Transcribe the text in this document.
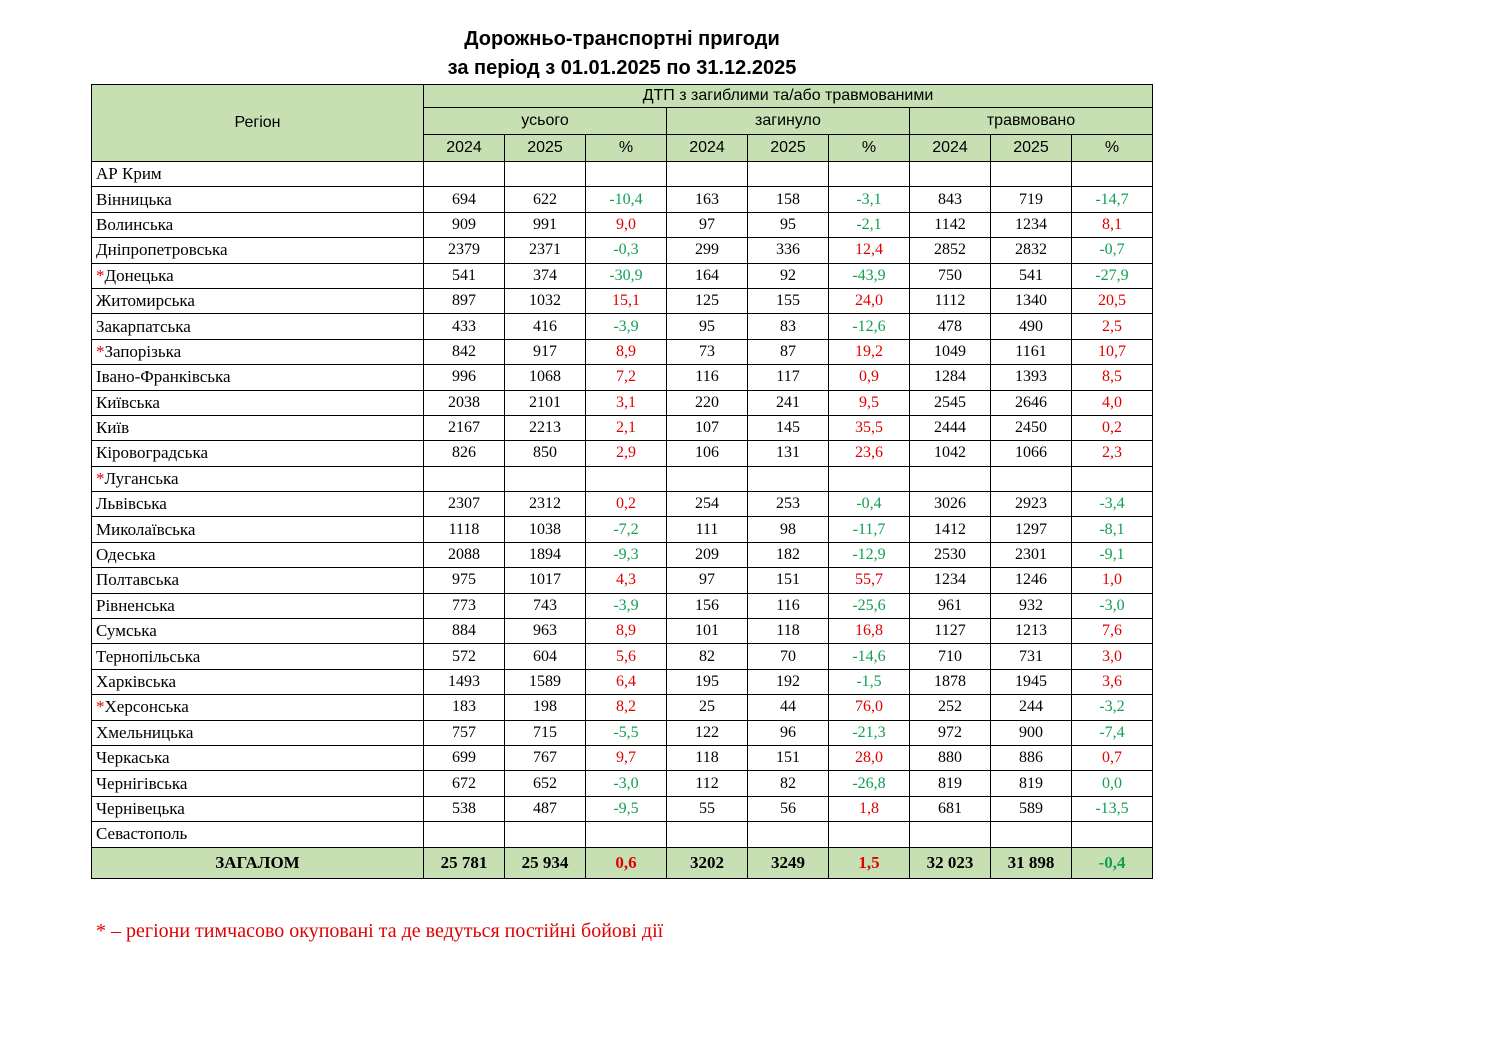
Дорожньо-транспортні пригоди
за період з 01.01.2025 по 31.12.2025
Регіон	ДТП з загиблими та/або травмованими								
	усього			загинуло			травмовано		
	2024	2025	%	2024	2025	%	2024	2025	%
АР Крим									
Вінницька	694	622	-10,4	163	158	-3,1	843	719	-14,7
Волинська	909	991	9,0	97	95	-2,1	1142	1234	8,1
Дніпропетровська	2379	2371	-0,3	299	336	12,4	2852	2832	-0,7
*Донецька	541	374	-30,9	164	92	-43,9	750	541	-27,9
Житомирська	897	1032	15,1	125	155	24,0	1112	1340	20,5
Закарпатська	433	416	-3,9	95	83	-12,6	478	490	2,5
*Запорізька	842	917	8,9	73	87	19,2	1049	1161	10,7
Івано-Франківська	996	1068	7,2	116	117	0,9	1284	1393	8,5
Київська	2038	2101	3,1	220	241	9,5	2545	2646	4,0
Київ	2167	2213	2,1	107	145	35,5	2444	2450	0,2
Кіровоградська	826	850	2,9	106	131	23,6	1042	1066	2,3
*Луганська									
Львівська	2307	2312	0,2	254	253	-0,4	3026	2923	-3,4
Миколаївська	1118	1038	-7,2	111	98	-11,7	1412	1297	-8,1
Одеська	2088	1894	-9,3	209	182	-12,9	2530	2301	-9,1
Полтавська	975	1017	4,3	97	151	55,7	1234	1246	1,0
Рівненська	773	743	-3,9	156	116	-25,6	961	932	-3,0
Сумська	884	963	8,9	101	118	16,8	1127	1213	7,6
Тернопільська	572	604	5,6	82	70	-14,6	710	731	3,0
Харківська	1493	1589	6,4	195	192	-1,5	1878	1945	3,6
*Херсонська	183	198	8,2	25	44	76,0	252	244	-3,2
Хмельницька	757	715	-5,5	122	96	-21,3	972	900	-7,4
Черкаська	699	767	9,7	118	151	28,0	880	886	0,7
Чернігівська	672	652	-3,0	112	82	-26,8	819	819	0,0
Чернівецька	538	487	-9,5	55	56	1,8	681	589	-13,5
Севастополь									
ЗАГАЛОМ	25 781	25 934	0,6	3202	3249	1,5	32 023	31 898	-0,4
* – регіони тимчасово окуповані та де ведуться постійні бойові дії
